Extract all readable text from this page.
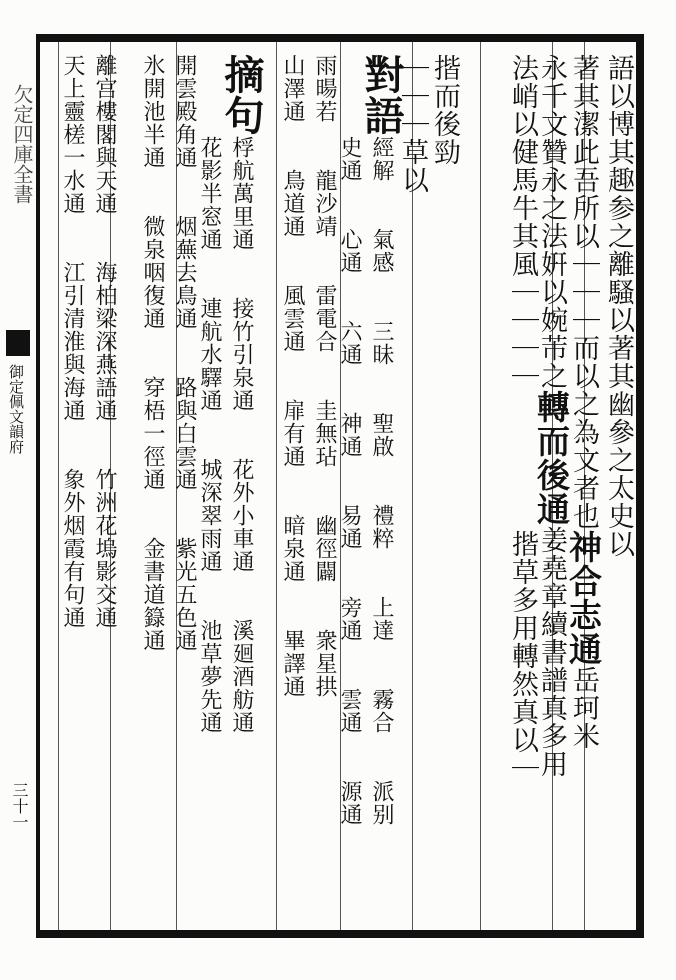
欠定四庫全書
御定佩文韻府
三十一
語以博其趣参之離騷以著其幽參之太史以
著其潔此吾所以｜｜｜而以之為文者也神合志通岳珂米
永千文贊永之法姸以婉芾之轉而後通姜堯章續書譜真多用
法峭以健馬牛其風｜｜｜｜　　　　　揩草多用轉然真以｜
揩而後勁
｜｜｜草以
對語經解　　氣感　　三昧　　聖啟　　禮粹　　上達　　霧合　　派别
　　史通　　心通　　六通　　神通　　易通　　旁通　　雲通　　源通
雨暘若　　龍沙靖　　雷電合　　圭無玷　　幽徑闢　　衆星拱
山澤通　　鳥道通　　風雲通　　扉有通　　暗泉通　　畢譯通
摘句桴航萬里通　　接竹引泉通　　花外小車通　　溪廻酒舫通
　　花影半窓通　　連航水驛通　　城深翠雨通　　池草夢先通
開雲殿角通　　烟蕪去鳥通　　路與白雲通　　紫光五色通
氷開池半通　　微泉咽復通　　穿梧一徑通　　金書道籙通
離宫樓閣與天通　　海柏梁深燕語通　　竹洲花塢影交通
天上靈槎一水通　　江引清淮與海通　　象外烟霞有句通
